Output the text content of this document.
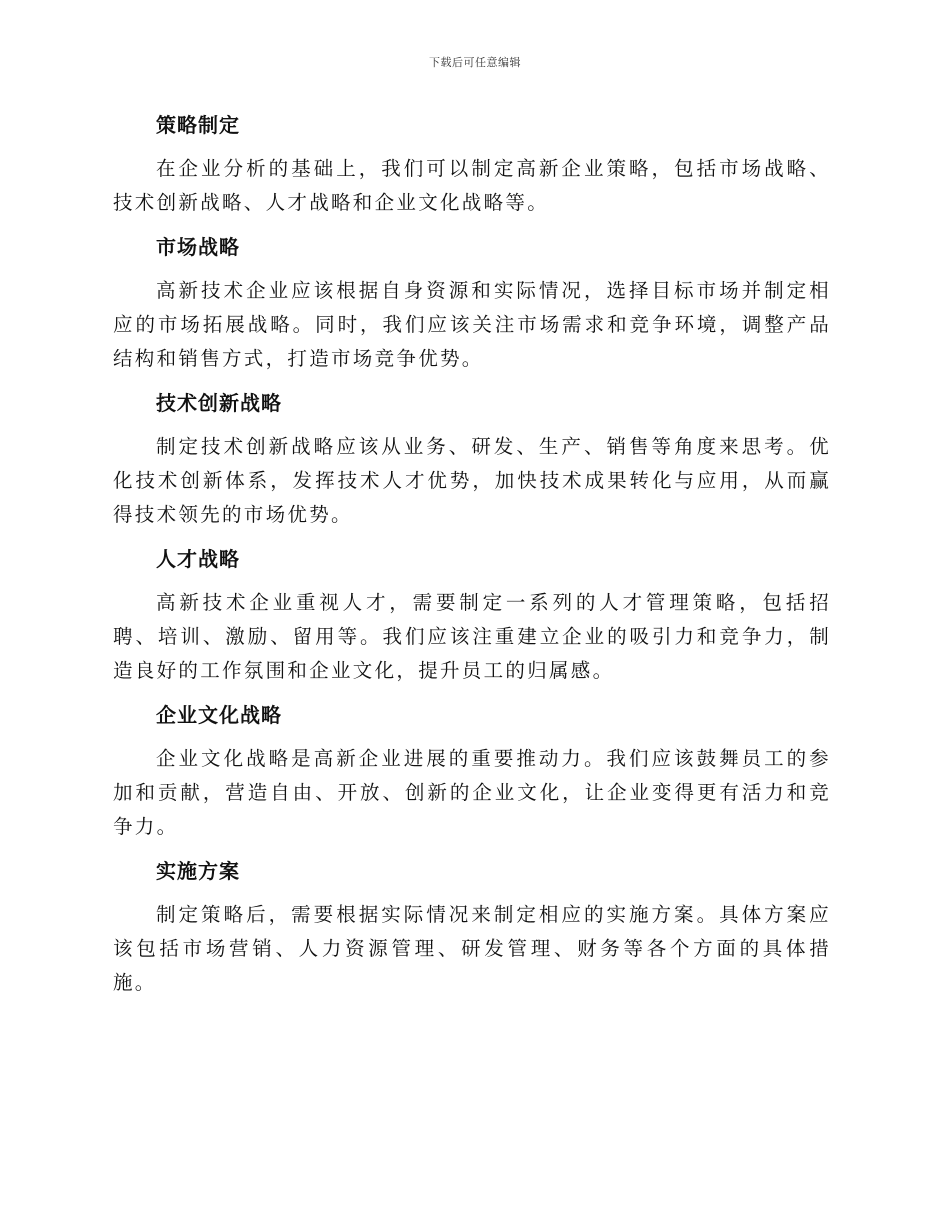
下载后可任意编辑
策略制定

在企业分析的基础上，我们可以制定高新企业策略，包括市场战略、技术创新战略、人才战略和企业文化战略等。

市场战略

高新技术企业应该根据自身资源和实际情况，选择目标市场并制定相应的市场拓展战略。同时，我们应该关注市场需求和竞争环境，调整产品结构和销售方式，打造市场竞争优势。

技术创新战略

制定技术创新战略应该从业务、研发、生产、销售等角度来思考。优化技术创新体系，发挥技术人才优势，加快技术成果转化与应用，从而赢得技术领先的市场优势。

人才战略

高新技术企业重视人才，需要制定一系列的人才管理策略，包括招聘、培训、激励、留用等。我们应该注重建立企业的吸引力和竞争力，制造良好的工作氛围和企业文化，提升员工的归属感。

企业文化战略

企业文化战略是高新企业进展的重要推动力。我们应该鼓舞员工的参加和贡献，营造自由、开放、创新的企业文化，让企业变得更有活力和竞争力。

实施方案

制定策略后，需要根据实际情况来制定相应的实施方案。具体方案应该包括市场营销、人力资源管理、研发管理、财务等各个方面的具体措施。
